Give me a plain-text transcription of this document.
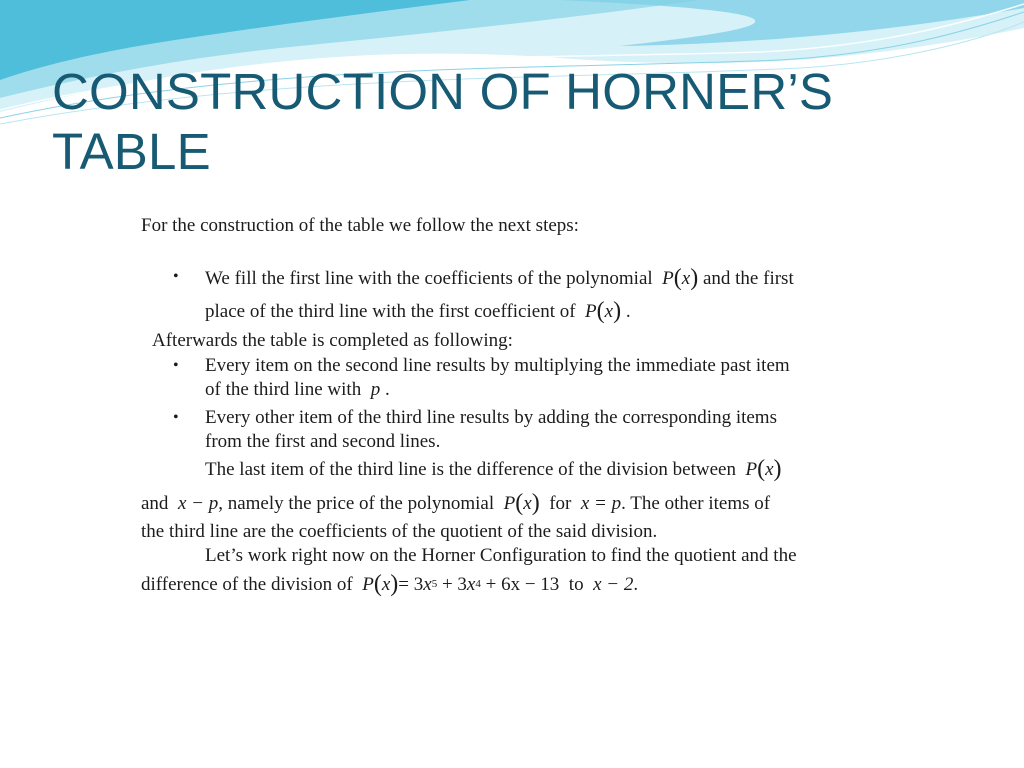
CONSTRUCTION OF HORNER’S TABLE
For the construction of the table we follow the next steps:
• We fill the first line with the coefficients of the polynomial P(x) and the first
place of the third line with the first coefficient of P(x) .
Afterwards the table is completed as following:
• Every item on the second line results by multiplying the immediate past item
of the third line with p .
• Every other item of the third line results by adding the corresponding items
from the first and second lines.
The last item of the third line is the difference of the division between P(x)
and x − p, namely the price of the polynomial P(x) for x = p. The other items of
the third line are the coefficients of the quotient of the said division.
Let’s work right now on the Horner Configuration to find the quotient and the
difference of the division of $P(x)= 3x^5 + 3x^4 + 6x - 13$ to x − 2.
